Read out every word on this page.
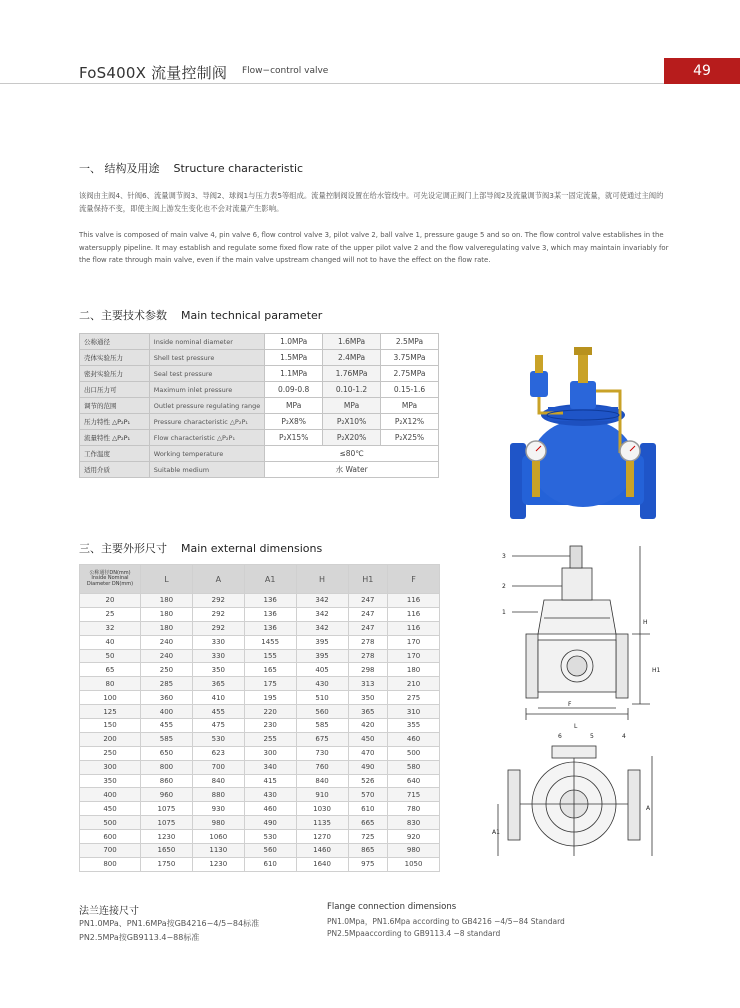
FoS400X 流量控制阀 Flow−control valve	49
一、 结构及用途 Structure characteristic
该阀由主阀4、针阀6、流量调节阀3、导阀2、球阀1与压力表5等组成。流量控制阀设置在给水管线中。可先设定调正阀门上部导阀2及流量调节阀3某一固定流量，就可使通过主阀的流量保持不变，即使主阀上游发生变化也不会对流量产生影响。
This valve is composed of main valve 4, pin valve 6, flow control valve 3, pilot valve 2, ball valve 1, pressure gauge 5 and so on. The flow control valve establishes in the watersupply pipeline. It may establish and regulate some fixed flow rate of the upper pilot valve 2 and the flow valveregulating valve 3, which may maintain invariably for the flow rate through main valve, even if the main valve upstream changed will not to have the effect on the flow rate.
二、主要技术参数 Main technical parameter
公称通径	Inside nominal diameter	1.0MPa	1.6MPa	2.5MPa
壳体实验压力	Shell test pressure	1.5MPa	2.4MPa	3.75MPa
密封实验压力	Seal test pressure	1.1MPa	1.76MPa	2.75MPa
出口压力可	Maximum inlet pressure	0.09-0.8	0.10-1.2	0.15-1.6
调节的范围	Outlet pressure regulating range	MPa	MPa	MPa
压力特性 △P₂P₁	Pressure characteristic △P₂P₁	P₂X8%	P₂X10%	P₂X12%
流量特性 △P₂P₁	Flow characteristic △P₂P₁	P₂X15%	P₂X20%	P₂X25%
工作温度	Working temperature	≤80℃		
适用介质	Suitable medium	水 Water		
三、主要外形尺寸 Main external dimensions
公称通径DN(mm)
Inside Nominal Diameter DN(mm)	L	A	A1	H	H1	F
20	180	292	136	342	247	116
25	180	292	136	342	247	116
32	180	292	136	342	247	116
40	240	330	1455	395	278	170
50	240	330	155	395	278	170
65	250	350	165	405	298	180
80	285	365	175	430	313	210
100	360	410	195	510	350	275
125	400	455	220	560	365	310
150	455	475	230	585	420	355
200	585	530	255	675	450	460
250	650	623	300	730	470	500
300	800	700	340	760	490	580
350	860	840	415	840	526	640
400	960	880	430	910	570	715
450	1075	930	460	1030	610	780
500	1075	980	490	1135	665	830
600	1230	1060	530	1270	725	920
700	1650	1130	560	1460	865	980
800	1750	1230	610	1640	975	1050
3
2
1
6	5	4
H
H1
F
L
A
A1
法兰连接尺寸
PN1.0MPa、PN1.6MPa按GB4216−4/5−84标准
PN2.5MPa按GB9113.4−88标准
Flange connection dimensions
PN1.0Mpa，PN1.6Mpa according to GB4216 −4/5−84 Standard
PN2.5Mpaaccording to GB9113.4 −8 standard
